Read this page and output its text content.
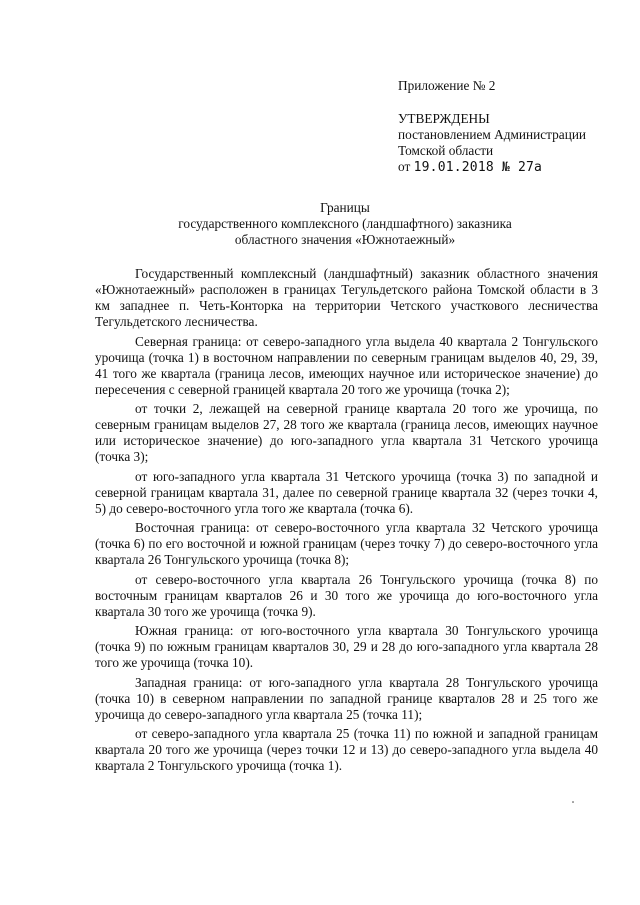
Приложение № 2
УТВЕРЖДЕНЫ
постановлением Администрации
Томской области
от 19.01.2018 № 27а
Границы
государственного комплексного (ландшафтного) заказника
областного значения «Южнотаежный»

Государственный комплексный (ландшафтный) заказник областного значения «Южнотаежный» расположен в границах Тегульдетского района Томской области в 3 км западнее п. Четь-Конторка на территории Четского участкового лесничества Тегульдетского лесничества.

Северная граница: от северо-западного угла выдела 40 квартала 2 Тонгульского урочища (точка 1) в восточном направлении по северным границам выделов 40, 29, 39, 41 того же квартала (граница лесов, имеющих научное или историческое значение) до пересечения с северной границей квартала 20 того же урочища (точка 2);

от точки 2, лежащей на северной границе квартала 20 того же урочища, по северным границам выделов 27, 28 того же квартала (граница лесов, имеющих научное или историческое значение) до юго-западного угла квартала 31 Четского урочища (точка 3);

от юго-западного угла квартала 31 Четского урочища (точка 3) по западной и северной границам квартала 31, далее по северной границе квартала 32 (через точки 4, 5) до северо-восточного угла того же квартала (точка 6).

Восточная граница: от северо-восточного угла квартала 32 Четского урочища (точка 6) по его восточной и южной границам (через точку 7) до северо-восточного угла квартала 26 Тонгульского урочища (точка 8);

от северо-восточного угла квартала 26 Тонгульского урочища (точка 8) по восточным границам кварталов 26 и 30 того же урочища до юго-восточного угла квартала 30 того же урочища (точка 9).

Южная граница: от юго-восточного угла квартала 30 Тонгульского урочища (точка 9) по южным границам кварталов 30, 29 и 28 до юго-западного угла квартала 28 того же урочища (точка 10).

Западная граница: от юго-западного угла квартала 28 Тонгульского урочища (точка 10) в северном направлении по западной границе кварталов 28 и 25 того же урочища до северо-западного угла квартала 25 (точка 11);

от северо-западного угла квартала 25 (точка 11) по южной и западной границам квартала 20 того же урочища (через точки 12 и 13) до северо-западного угла выдела 40 квартала 2 Тонгульского урочища (точка 1).
